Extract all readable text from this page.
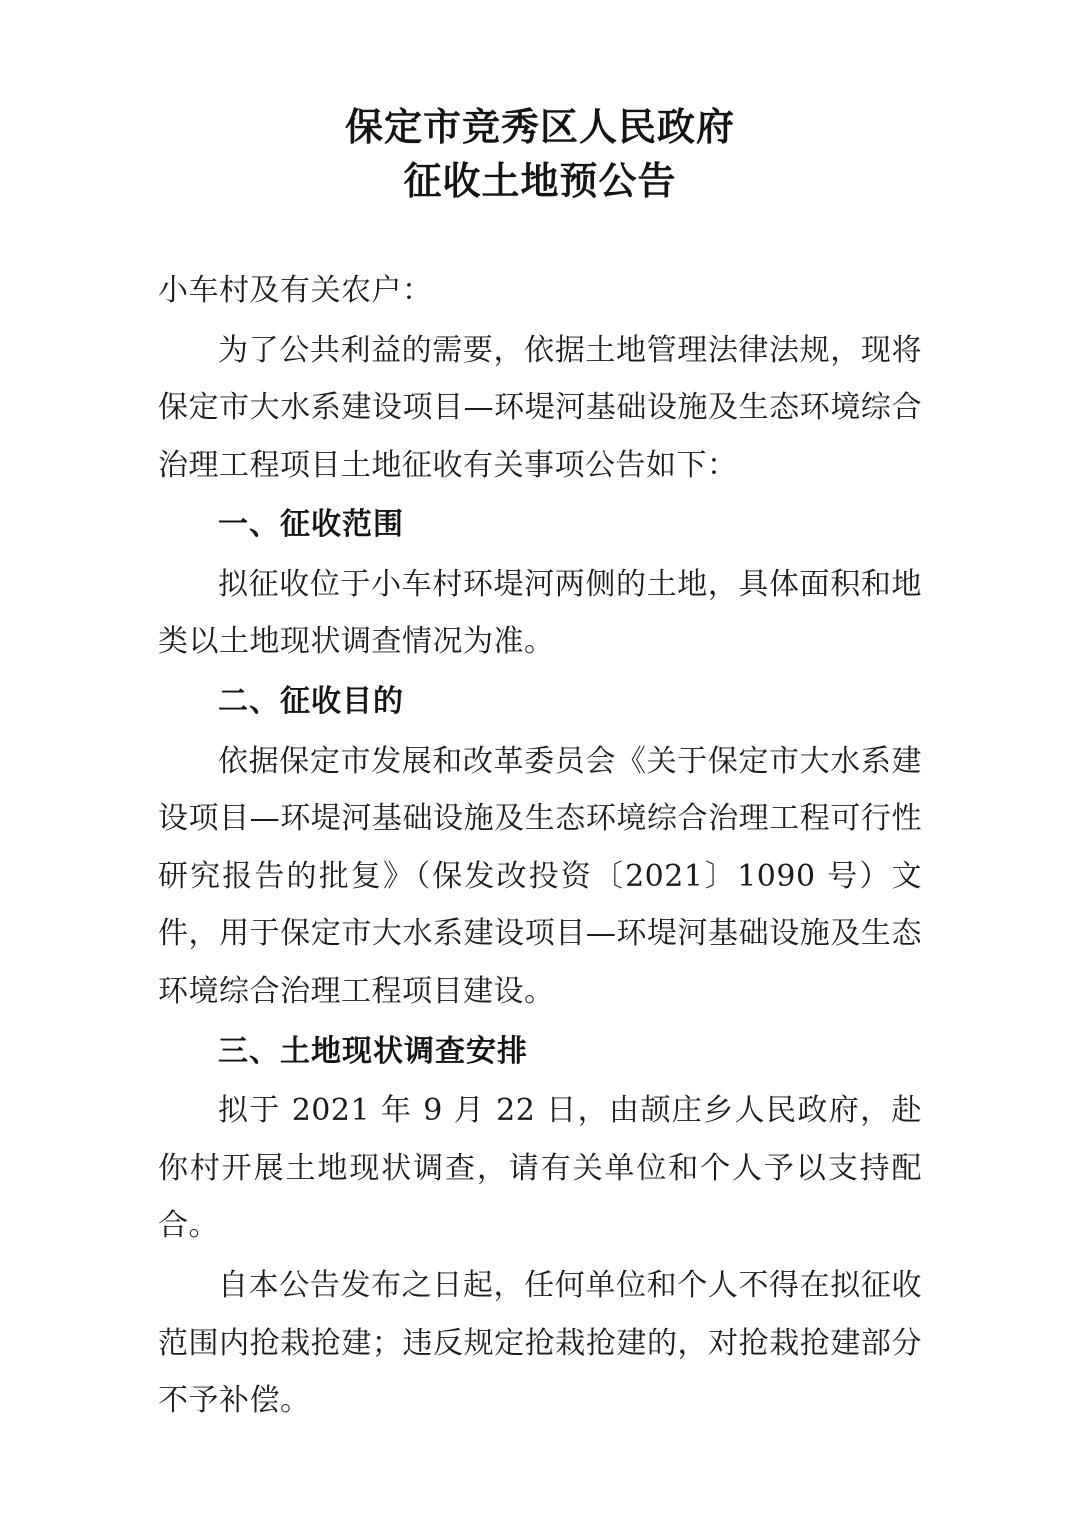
保定市竞秀区人民政府
征收土地预公告

小车村及有关农户：

为了公共利益的需要，依据土地管理法律法规，现将保定市大水系建设项目—环堤河基础设施及生态环境综合治理工程项目土地征收有关事项公告如下：

一、征收范围

拟征收位于小车村环堤河两侧的土地，具体面积和地类以土地现状调查情况为准。

二、征收目的

依据保定市发展和改革委员会《关于保定市大水系建设项目—环堤河基础设施及生态环境综合治理工程可行性研究报告的批复》（保发改投资〔2021〕1090 号）文件，用于保定市大水系建设项目—环堤河基础设施及生态环境综合治理工程项目建设。

三、土地现状调查安排

拟于 2021 年 9 月 22 日，由颉庄乡人民政府，赴你村开展土地现状调查，请有关单位和个人予以支持配合。

自本公告发布之日起，任何单位和个人不得在拟征收范围内抢栽抢建；违反规定抢栽抢建的，对抢栽抢建部分不予补偿。
